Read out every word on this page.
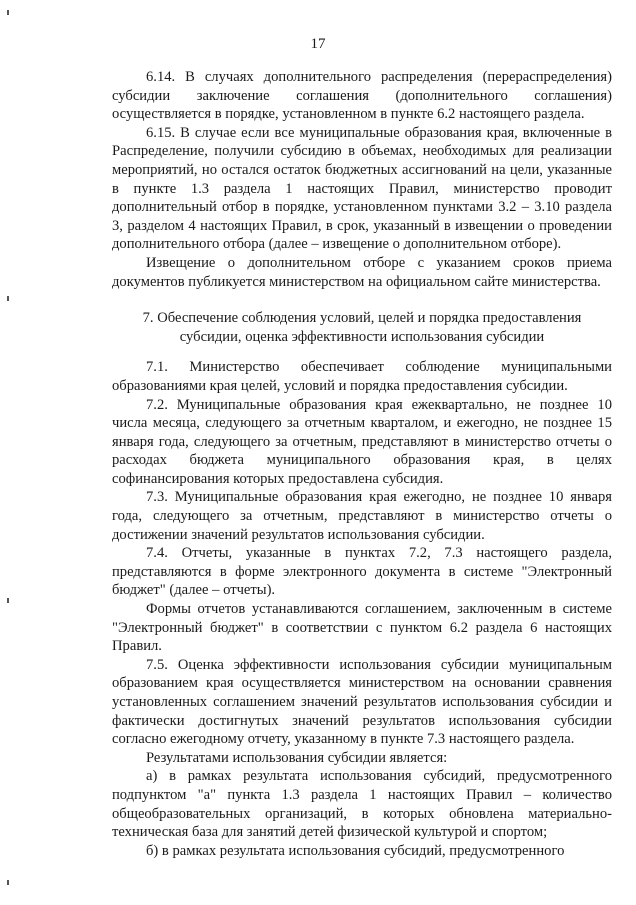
17

6.14. В случаях дополнительного распределения (перераспределения) субсидии заключение соглашения (дополнительного соглашения) осуществляется в порядке, установленном в пункте 6.2 настоящего раздела.

6.15. В случае если все муниципальные образования края, включенные в Распределение, получили субсидию в объемах, необходимых для реализации мероприятий, но остался остаток бюджетных ассигнований на цели, указанные в пункте 1.3 раздела 1 настоящих Правил, министерство проводит дополнительный отбор в порядке, установленном пунктами 3.2 – 3.10 раздела 3, разделом 4 настоящих Правил, в срок, указанный в извещении о проведении дополнительного отбора (далее – извещение о дополнительном отборе).

Извещение о дополнительном отборе с указанием сроков приема документов публикуется министерством на официальном сайте министерства.

7. Обеспечение соблюдения условий, целей и порядка предоставления субсидии, оценка эффективности использования субсидии

7.1. Министерство обеспечивает соблюдение муниципальными образованиями края целей, условий и порядка предоставления субсидии.

7.2. Муниципальные образования края ежеквартально, не позднее 10 числа месяца, следующего за отчетным кварталом, и ежегодно, не позднее 15 января года, следующего за отчетным, представляют в министерство отчеты о расходах бюджета муниципального образования края, в целях софинансирования которых предоставлена субсидия.

7.3. Муниципальные образования края ежегодно, не позднее 10 января года, следующего за отчетным, представляют в министерство отчеты о достижении значений результатов использования субсидии.

7.4. Отчеты, указанные в пунктах 7.2, 7.3 настоящего раздела, представляются в форме электронного документа в системе "Электронный бюджет" (далее – отчеты).

Формы отчетов устанавливаются соглашением, заключенным в системе "Электронный бюджет" в соответствии с пунктом 6.2 раздела 6 настоящих Правил.

7.5. Оценка эффективности использования субсидии муниципальным образованием края осуществляется министерством на основании сравнения установленных соглашением значений результатов использования субсидии и фактически достигнутых значений результатов использования субсидии согласно ежегодному отчету, указанному в пункте 7.3 настоящего раздела.

Результатами использования субсидии является:

а) в рамках результата использования субсидий, предусмотренного подпунктом "а" пункта 1.3 раздела 1 настоящих Правил – количество общеобразовательных организаций, в которых обновлена материально-техническая база для занятий детей физической культурой и спортом;

б) в рамках результата использования субсидий, предусмотренного
